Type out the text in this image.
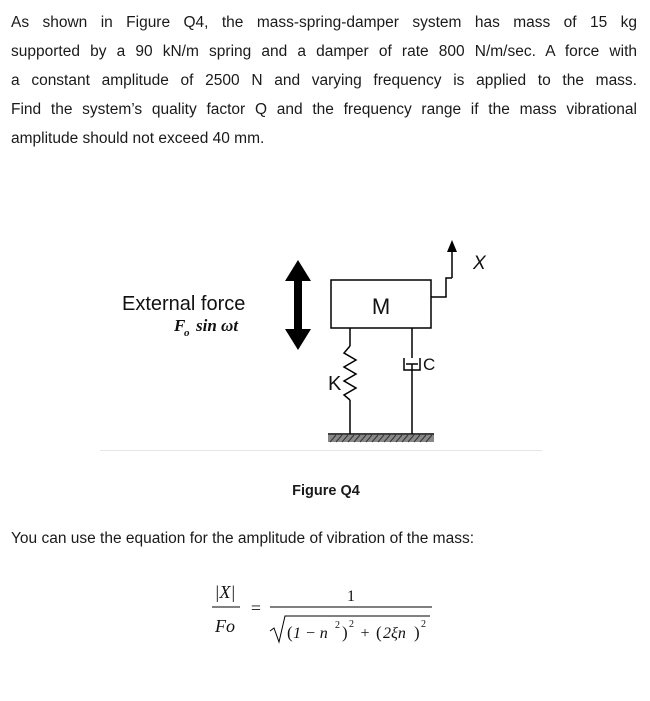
As shown in Figure Q4, the mass-spring-damper system has mass of 15 kg
supported by a 90 kN/m spring and a damper of rate 800 N/m/sec. A force with
a constant amplitude of 2500 N and varying frequency is applied to the mass.
Find the system’s quality factor Q and the frequency range if the mass vibrational
amplitude should not exceed 40 mm.
External force
F
o sin ωt
M
X
K
C
Figure Q4
You can use the equation for the amplitude of vibration of the mass:
|X|
Fo
=
1
( 1 − n 2 ) 2
+ ( 2ξn ) 2
